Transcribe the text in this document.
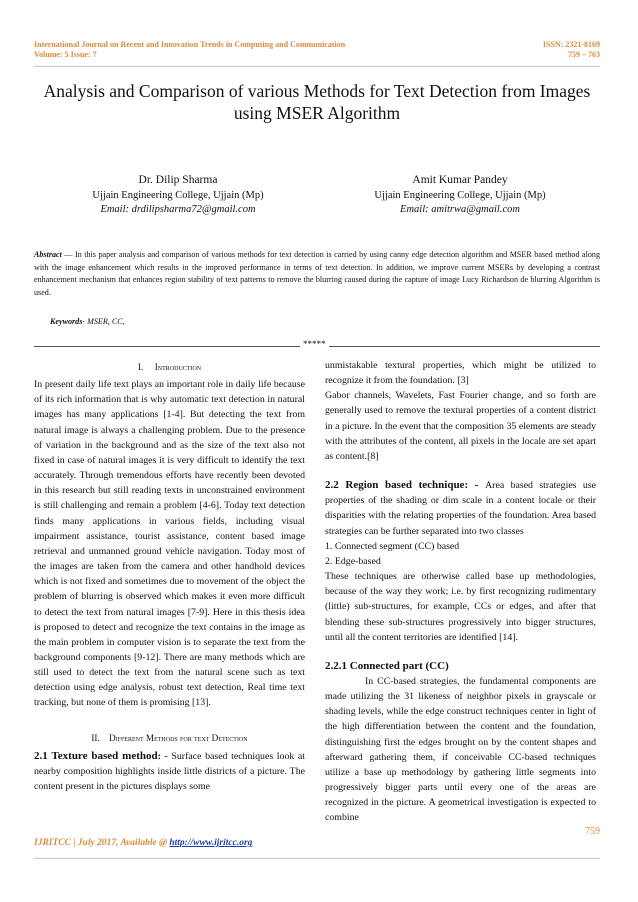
International Journal on Recent and Innovation Trends in Computing and Communication
Volume: 5 Issue: 7
ISSN: 2321-8169
759 – 763
Analysis and Comparison of various Methods for Text Detection from Images using MSER Algorithm
Dr. Dilip Sharma
Ujjain Engineering College, Ujjain (Mp)
Email: drdilipsharma72@gmail.com
Amit Kumar Pandey
Ujjain Engineering College, Ujjain (Mp)
Email: amitrwa@gmail.com
Abstract — In this paper analysis and comparison of various methods for text detection is carried by using canny edge detection algorithm and MSER based method along with the image enhancement which results in the improved performance in terms of text detection. In addition, we improve current MSERs by developing a contrast enhancement mechanism that enhances region stability of text patterns to remove the blurring caused during the capture of image Lucy Richardson de blurring Algorithm is used.
Keywords- MSER, CC,
*****

I. Introduction

In present daily life text plays an important role in daily life because of its rich information that is why automatic text detection in natural images has many applications [1-4]. But detecting the text from natural image is always a challenging problem. Due to the presence of variation in the background and as the size of the text also not fixed in case of natural images it is very difficult to identify the text accurately. Through tremendous efforts have recently been devoted in this research but still reading texts in unconstrained environment is still challenging and remain a problem [4-6]. Today text detection finds many applications in various fields, including visual impairment assistance, tourist assistance, content based image retrieval and unmanned ground vehicle navigation. Today most of the images are taken from the camera and other handhold devices which is not fixed and sometimes due to movement of the object the problem of blurring is observed which makes it even more difficult to detect the text from natural images [7-9]. Here in this thesis idea is proposed to detect and recognize the text contains in the image as the main problem in computer vision is to separate the text from the background components [9-12]. There are many methods which are still used to detect the text from the natural scene such as text detection using edge analysis, robust text detection, Real time text tracking, but none of them is promising [13].

II. Different Methods for text Detection

2.1 Texture based method: - Surface based techniques look at nearby composition highlights inside little districts of a picture. The content present in the pictures displays some

unmistakable textural properties, which might be utilized to recognize it from the foundation. [3]

Gabor channels, Wavelets, Fast Fourier change, and so forth are generally used to remove the textural properties of a content district in a picture. In the event that the composition 35 elements are steady with the attributes of the content, all pixels in the locale are set apart as content.[8]

2.2 Region based technique: - Area based strategies use properties of the shading or dim scale in a content locale or their disparities with the relating properties of the foundation. Area based strategies can be further separated into two classes

1. Connected segment (CC) based

2. Edge-based

These techniques are otherwise called base up methodologies, because of the way they work; i.e. by first recognizing rudimentary (little) sub-structures, for example, CCs or edges, and after that blending these sub-structures progressively into bigger structures, until all the content territories are identified [14].

2.2.1 Connected part (CC)

In CC-based strategies, the fundamental components are made utilizing the 31 likeness of neighbor pixels in grayscale or shading levels, while the edge construct techniques center in light of the high differentiation between the content and the foundation, distinguishing first the edges brought on by the content shapes and afterward gathering them, if conceivable CC-based techniques utilize a base up methodology by gathering little segments into progressively bigger parts until every one of the areas are recognized in the picture. A geometrical investigation is expected to combine

759
IJRITCC | July 2017, Available @ http://www.ijritcc.org
